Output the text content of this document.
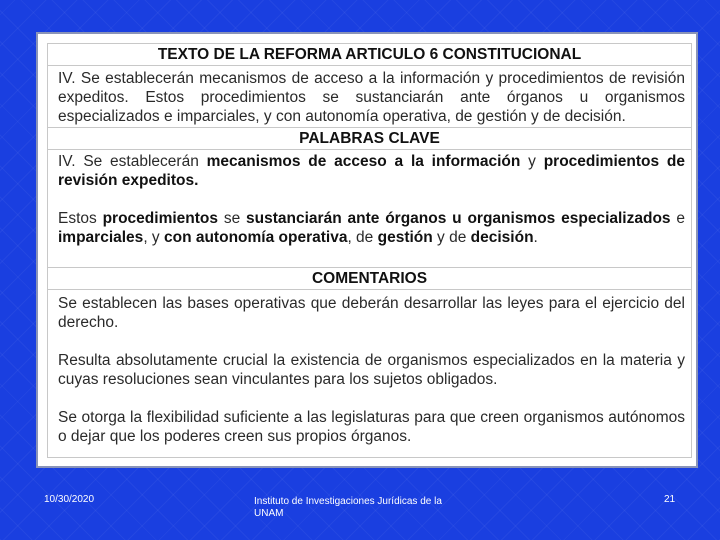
TEXTO DE LA REFORMA ARTICULO 6 CONSTITUCIONAL

IV. Se establecerán mecanismos de acceso a la información y procedimientos de revisión expeditos. Estos procedimientos se sustanciarán ante órganos u organismos especializados e imparciales, y con autonomía operativa, de gestión y de decisión.

PALABRAS CLAVE

IV. Se establecerán mecanismos de acceso a la información y procedimientos de revisión expeditos.

Estos procedimientos se sustanciarán ante órganos u organismos especializados e imparciales, y con autonomía operativa, de gestión y de decisión.

COMENTARIOS

Se establecen las bases operativas que deberán desarrollar las leyes para el ejercicio del derecho.

Resulta absolutamente crucial la existencia de organismos especializados en la materia y cuyas resoluciones sean vinculantes para los sujetos obligados.

Se otorga la flexibilidad suficiente a las legislaturas para que creen organismos autónomos o dejar que los poderes creen sus propios órganos.

10/30/2020	Instituto de Investigaciones Jurídicas de la UNAM
21
